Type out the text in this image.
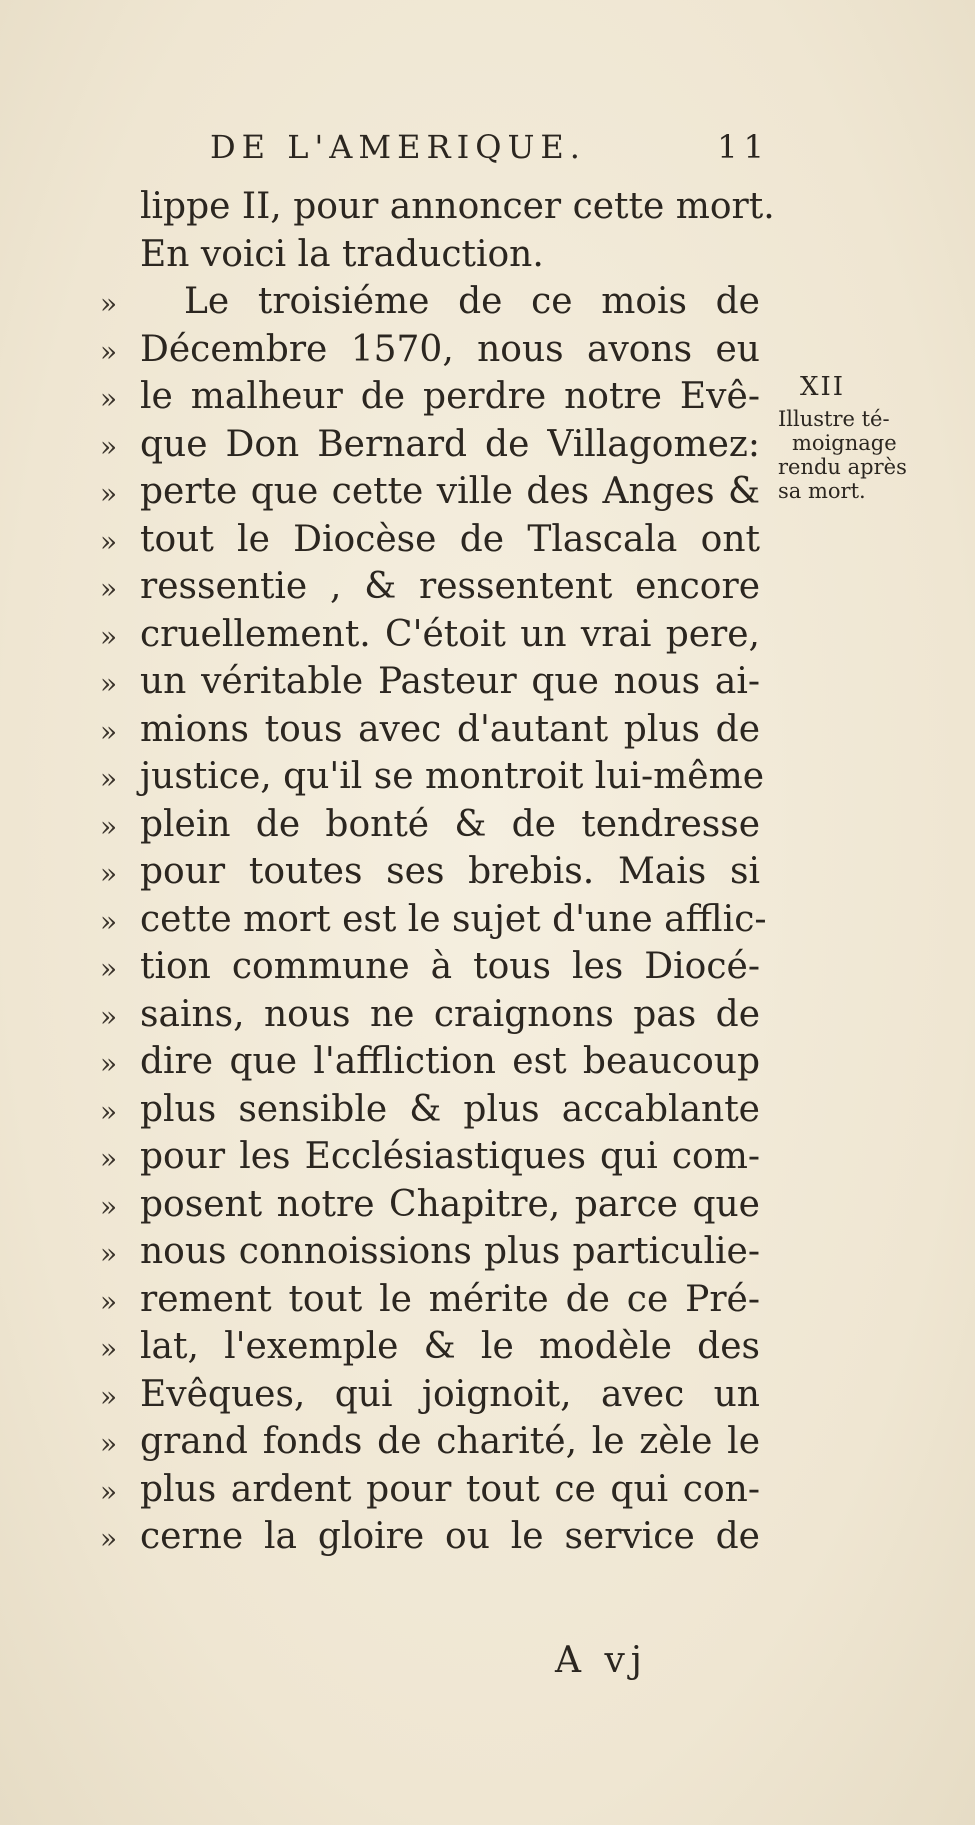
DE L'AMERIQUE.	11
lippe II, pour annoncer cette mort.
En voici la traduction.
»	Le troisiéme de ce mois de
» Décembre 1570, nous avons eu
» le malheur de perdre notre Evê-
» que Don Bernard de Villagomez:
» perte que cette ville des Anges &
» tout le Diocèse de Tlascala ont
» ressentie , & ressentent encore
» cruellement. C'étoit un vrai pere,
» un véritable Pasteur que nous ai-
» mions tous avec d'autant plus de
» justice, qu'il se montroit lui-même
» plein de bonté & de tendresse
» pour toutes ses brebis. Mais si
» cette mort est le sujet d'une afflic-
» tion commune à tous les Diocé-
» sains, nous ne craignons pas de
» dire que l'affliction est beaucoup
» plus sensible & plus accablante
» pour les Ecclésiastiques qui com-
» posent notre Chapitre, parce que
» nous connoissions plus particulie-
» rement tout le mérite de ce Pré-
» lat, l'exemple & le modèle des
» Evêques, qui joignoit, avec un
» grand fonds de charité, le zèle le
» plus ardent pour tout ce qui con-
» cerne la gloire ou le service de
XII
Illustre té-
moignage
rendu après
sa mort.
A vj
